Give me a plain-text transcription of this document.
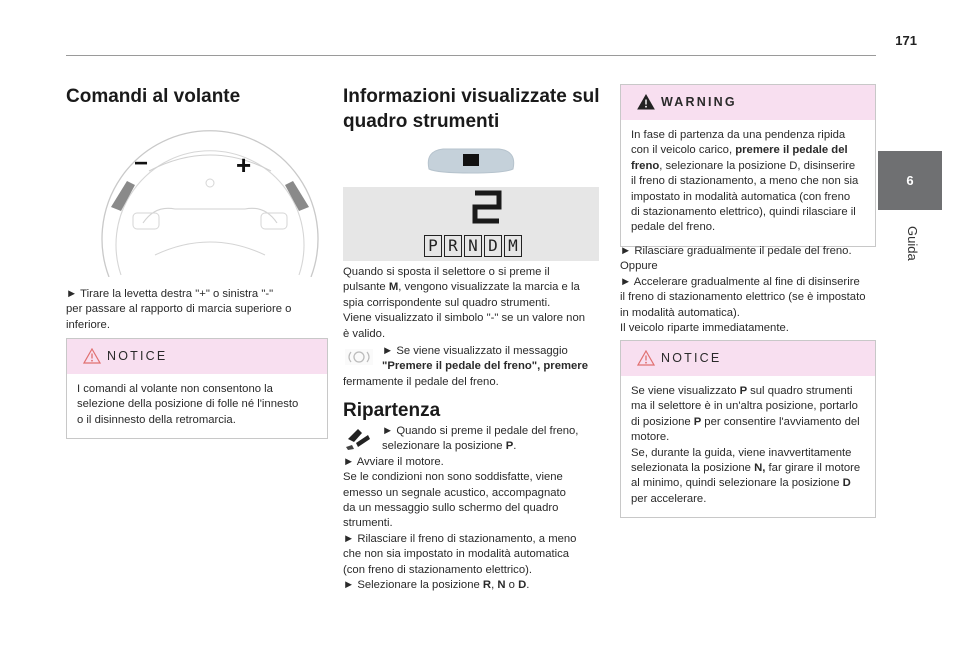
171
6
Guida
Comandi al volante
−	+

► Tirare la levetta destra "+" o sinistra "-"

per passare al rapporto di marcia superiore o

inferiore.

NOTICE

I comandi al volante non consentono la

selezione della posizione di folle né l'innesto

o il disinnesto della retromarcia.

Informazioni visualizzate sul
quadro strumenti
P R N D M

Quando si sposta il selettore o si preme il

pulsante M, vengono visualizzate la marcia e la

spia corrispondente sul quadro strumenti.

Viene visualizzato il simbolo "-" se un valore non

è valido.

► Se viene visualizzato il messaggio

"Premere il pedale del freno", premere

fermamente il pedale del freno.

Ripartenza

► Quando si preme il pedale del freno,

selezionare la posizione P.

► Avviare il motore.

Se le condizioni non sono soddisfatte, viene

emesso un segnale acustico, accompagnato

da un messaggio sullo schermo del quadro

strumenti.

► Rilasciare il freno di stazionamento, a meno

che non sia impostato in modalità automatica

(con freno di stazionamento elettrico).

► Selezionare la posizione R, N o D.

WARNING

In fase di partenza da una pendenza ripida

con il veicolo carico, premere il pedale del

freno, selezionare la posizione D, disinserire

il freno di stazionamento, a meno che non sia

impostato in modalità automatica (con freno

di stazionamento elettrico), quindi rilasciare il

pedale del freno.

► Rilasciare gradualmente il pedale del freno.

Oppure

► Accelerare gradualmente al fine di disinserire

il freno di stazionamento elettrico (se è impostato

in modalità automatica).

Il veicolo riparte immediatamente.

NOTICE

Se viene visualizzato P sul quadro strumenti

ma il selettore è in un'altra posizione, portarlo

di posizione P per consentire l'avviamento del

motore.

Se, durante la guida, viene inavvertitamente

selezionata la posizione N, far girare il motore

al minimo, quindi selezionare la posizione D

per accelerare.
